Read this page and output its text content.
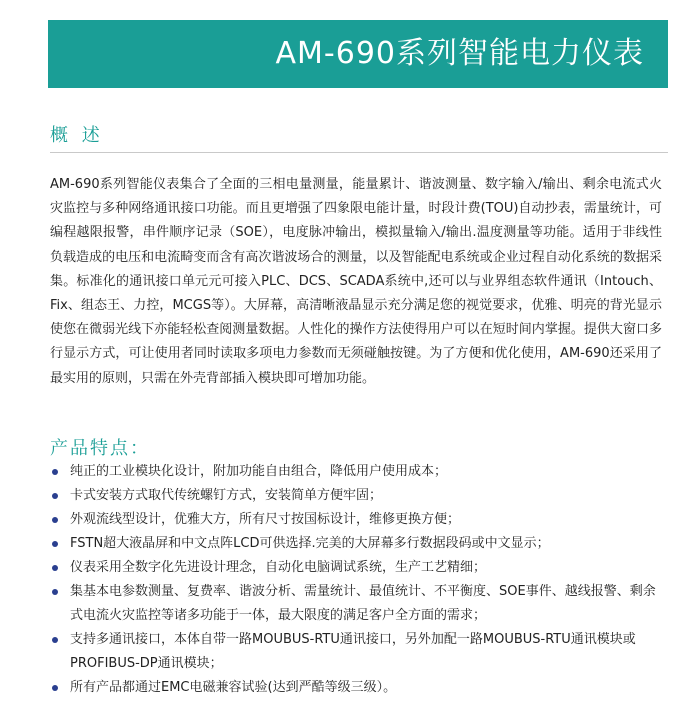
AM-690系列智能电力仪表
概 述

AM-690系列智能仪表集合了全面的三相电量测量，能量累计、谐波测量、数字输入/输出、剩余电流式火灾监控与多种网络通讯接口功能。而且更增强了四象限电能计量，时段计费(TOU)自动抄表，需量统计，可编程越限报警，串件顺序记录（SOE），电度脉冲输出，模拟量输入/输出.温度测量等功能。适用于非线性负载造成的电压和电流畸变而含有高次谐波场合的测量，以及智能配电系统或企业过程自动化系统的数据采集。标准化的通讯接口单元元可接入PLC、DCS、SCADA系统中,还可以与业界组态软件通讯（Intouch、Fix、组态王、力控，MCGS等）。大屏幕，高清晰液晶显示充分满足您的视觉要求，优雅、明亮的背光显示使您在微弱光线下亦能轻松查阅测量数据。人性化的操作方法使得用户可以在短时间内掌握。提供大窗口多行显示方式，可让使用者同时读取多项电力参数而无须碰触按键。为了方便和优化使用，AM-690还采用了最实用的原则，只需在外壳背部插入模块即可增加功能。

产品特点：
纯正的工业模块化设计，附加功能自由组合，降低用户使用成本；
卡式安装方式取代传统螺钉方式，安装简单方便牢固；
外观流线型设计，优雅大方，所有尺寸按国标设计，维修更换方便；
FSTN超大液晶屏和中文点阵LCD可供选择.完美的大屏幕多行数据段码或中文显示；
仪表采用全数字化先进设计理念，自动化电脑调试系统，生产工艺精细；
集基本电参数测量、复费率、谐波分析、需量统计、最值统计、不平衡度、SOE事件、越线报警、剩余式电流火灾监控等诸多功能于一体，最大限度的满足客户全方面的需求；
支持多通讯接口，本体自带一路MOUBUS-RTU通讯接口，另外加配一路MOUBUS-RTU通讯模块或PROFIBUS-DP通讯模块；
所有产品都通过EMC电磁兼容试验(达到严酷等级三级）。
